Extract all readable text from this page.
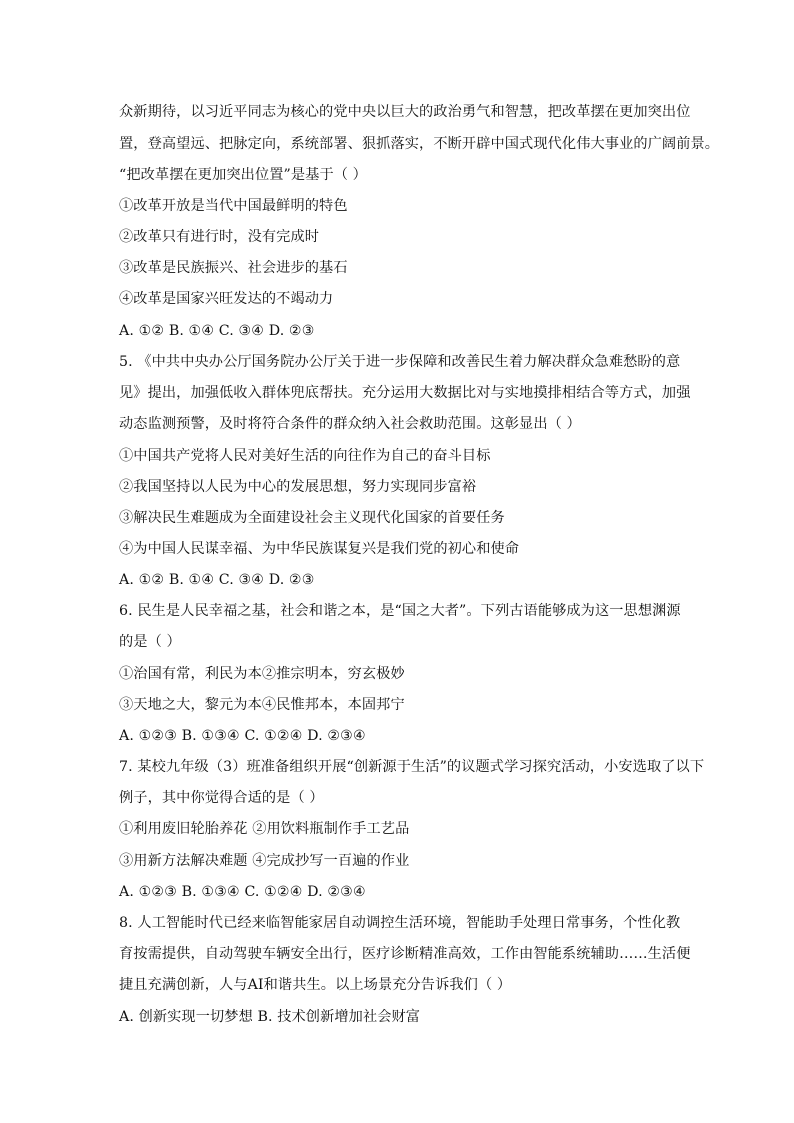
众新期待，以习近平同志为核心的党中央以巨大的政治勇气和智慧，把改革摆在更加突出位
置，登高望远、把脉定向，系统部署、狠抓落实，不断开辟中国式现代化伟大事业的广阔前景。
“把改革摆在更加突出位置”是基于（ ）
①改革开放是当代中国最鲜明的特色
②改革只有进行时，没有完成时
③改革是民族振兴、社会进步的基石
④改革是国家兴旺发达的不竭动力
A. ①② B. ①④ C. ③④ D. ②③
5. 《中共中央办公厅国务院办公厅关于进一步保障和改善民生着力解决群众急难愁盼的意
见》提出，加强低收入群体兜底帮扶。充分运用大数据比对与实地摸排相结合等方式，加强
动态监测预警，及时将符合条件的群众纳入社会救助范围。这彰显出（ ）
①中国共产党将人民对美好生活的向往作为自己的奋斗目标
②我国坚持以人民为中心的发展思想，努力实现同步富裕
③解决民生难题成为全面建设社会主义现代化国家的首要任务
④为中国人民谋幸福、为中华民族谋复兴是我们党的初心和使命
A. ①② B. ①④ C. ③④ D. ②③
6. 民生是人民幸福之基，社会和谐之本，是“国之大者”。下列古语能够成为这一思想渊源
的是（ ）
①治国有常，利民为本②推宗明本，穷玄极妙
③天地之大，黎元为本④民惟邦本，本固邦宁
A. ①②③ B. ①③④ C. ①②④ D. ②③④
7. 某校九年级（3）班准备组织开展“创新源于生活”的议题式学习探究活动，小安选取了以下
例子，其中你觉得合适的是（ ）
①利用废旧轮胎养花 ②用饮料瓶制作手工艺品
③用新方法解决难题 ④完成抄写一百遍的作业
A. ①②③ B. ①③④ C. ①②④ D. ②③④
8. 人工智能时代已经来临智能家居自动调控生活环境，智能助手处理日常事务，个性化教
育按需提供，自动驾驶车辆安全出行，医疗诊断精准高效，工作由智能系统辅助……生活便
捷且充满创新，人与AI和谐共生。以上场景充分告诉我们（ ）
A. 创新实现一切梦想 B. 技术创新增加社会财富
